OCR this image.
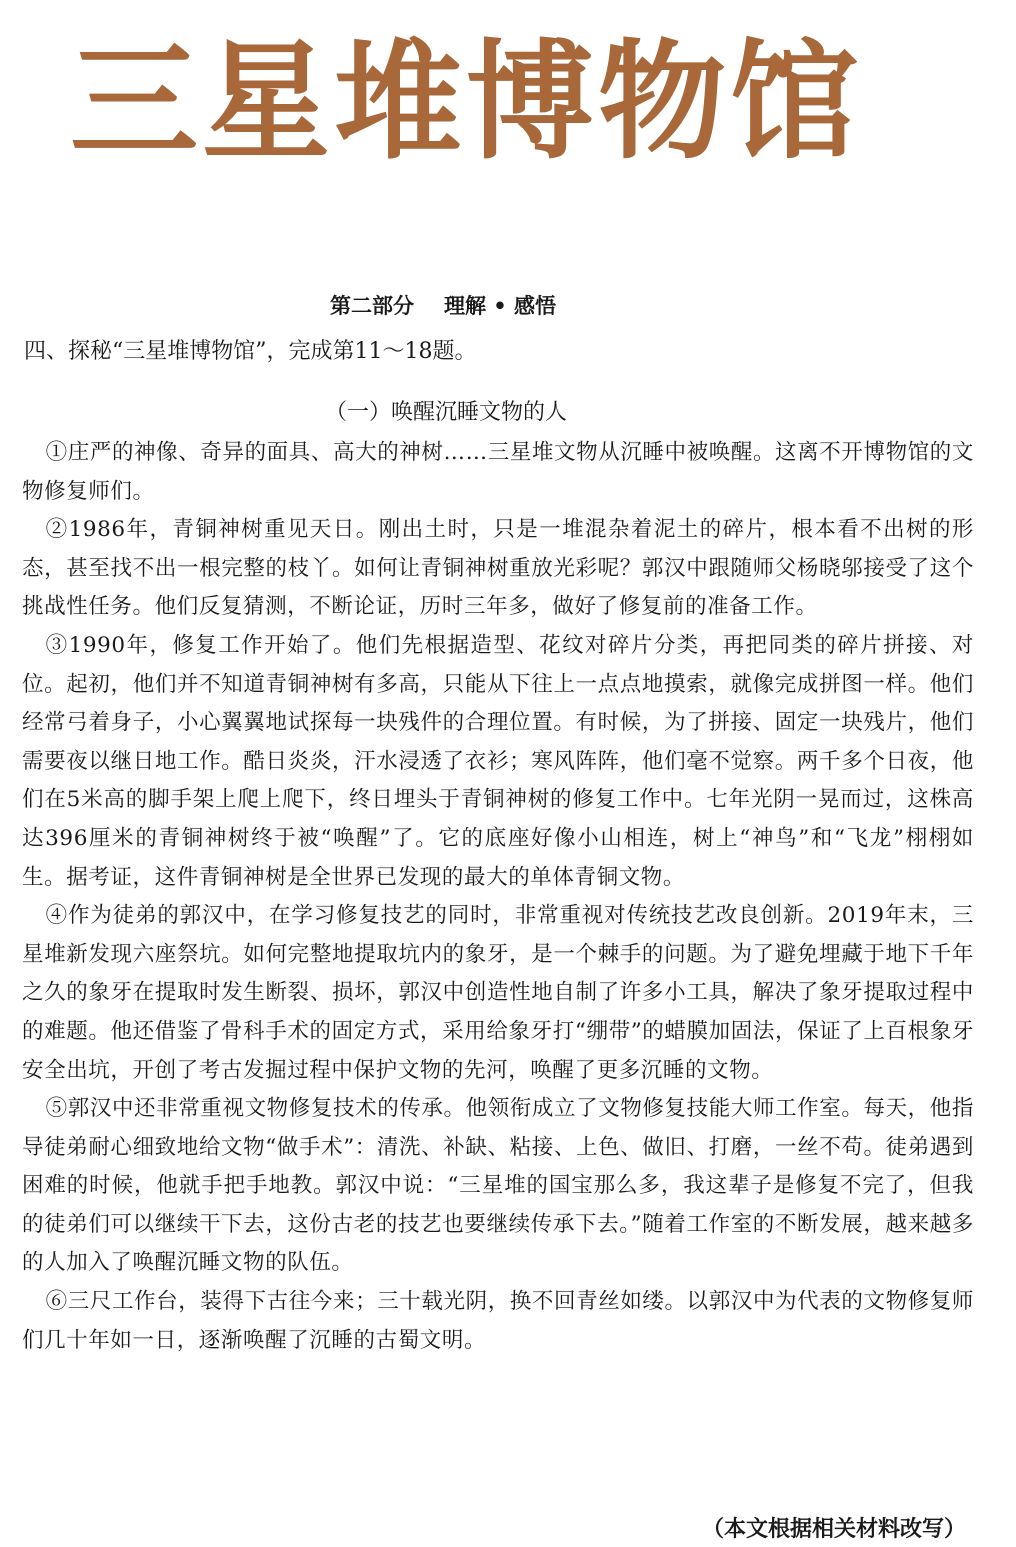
三星堆博物馆
第二部分 理解 • 感悟
四、探秘“三星堆博物馆”，完成第11～18题。
（一）唤醒沉睡文物的人

①庄严的神像、奇异的面具、高大的神树……三星堆文物从沉睡中被唤醒。这离不开博物馆的文物修复师们。

②1986年，青铜神树重见天日。刚出土时，只是一堆混杂着泥土的碎片，根本看不出树的形态，甚至找不出一根完整的枝丫。如何让青铜神树重放光彩呢？郭汉中跟随师父杨晓邬接受了这个挑战性任务。他们反复猜测，不断论证，历时三年多，做好了修复前的准备工作。

③1990年，修复工作开始了。他们先根据造型、花纹对碎片分类，再把同类的碎片拼接、对位。起初，他们并不知道青铜神树有多高，只能从下往上一点点地摸索，就像完成拼图一样。他们经常弓着身子，小心翼翼地试探每一块残件的合理位置。有时候，为了拼接、固定一块残片，他们需要夜以继日地工作。酷日炎炎，汗水浸透了衣衫；寒风阵阵，他们毫不觉察。两千多个日夜，他们在5米高的脚手架上爬上爬下，终日埋头于青铜神树的修复工作中。七年光阴一晃而过，这株高达396厘米的青铜神树终于被“唤醒”了。它的底座好像小山相连，树上“神鸟”和“飞龙”栩栩如生。据考证，这件青铜神树是全世界已发现的最大的单体青铜文物。

④作为徒弟的郭汉中，在学习修复技艺的同时，非常重视对传统技艺改良创新。2019年末，三星堆新发现六座祭坑。如何完整地提取坑内的象牙，是一个棘手的问题。为了避免埋藏于地下千年之久的象牙在提取时发生断裂、损坏，郭汉中创造性地自制了许多小工具，解决了象牙提取过程中的难题。他还借鉴了骨科手术的固定方式，采用给象牙打“绷带”的蜡膜加固法，保证了上百根象牙安全出坑，开创了考古发掘过程中保护文物的先河，唤醒了更多沉睡的文物。

⑤郭汉中还非常重视文物修复技术的传承。他领衔成立了文物修复技能大师工作室。每天，他指导徒弟耐心细致地给文物“做手术”：清洗、补缺、粘接、上色、做旧、打磨，一丝不苟。徒弟遇到困难的时候，他就手把手地教。郭汉中说：“三星堆的国宝那么多，我这辈子是修复不完了，但我的徒弟们可以继续干下去，这份古老的技艺也要继续传承下去。”随着工作室的不断发展，越来越多的人加入了唤醒沉睡文物的队伍。

⑥三尺工作台，装得下古往今来；三十载光阴，换不回青丝如缕。以郭汉中为代表的文物修复师们几十年如一日，逐渐唤醒了沉睡的古蜀文明。

（本文根据相关材料改写）
